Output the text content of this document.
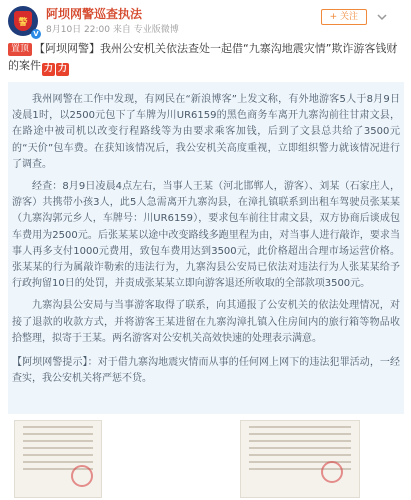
警
V
阿坝网警巡查执法
8月10日 22:00 来自 专业版微博
+ 关注

置顶 【阿坝网警】我州公安机关依法查处一起借“九寨沟地震灾情”欺诈游客钱财的案件 力 力

我州网警在工作中发现，有网民在“新浪博客”上发文称，有外地游客5人于8月9日凌晨1时，以2500元包下了车牌为川UR6159的黑色商务车离开九寨沟前往甘肃文县，在路途中被司机以改变行程路线等为由要求乘客加钱，后到了文县总共给了3500元的“天价”包车费。在获知该情况后，我公安机关高度重视，立即组织警力就该情况进行了调查。

经查：8月9日凌晨4点左右，当事人王某（河北邯郸人，游客）、刘某（石家庄人，游客）共携带小孩3人，此5人急需离开九寨沟县，在漳扎镇联系到出租车驾驶员张某某（九寨沟郭元乡人，车牌号：川UR6159），要求包车前往甘肃文县，双方协商后谈成包车费用为2500元。后张某某以途中改变路线多跑里程为由，对当事人进行敲诈，要求当事人再多支付1000元费用，致包车费用达到3500元，此价格超出合理市场运营价格。张某某的行为属敲诈勒索的违法行为，九寨沟县公安局已依法对违法行为人张某某给予行政拘留10日的处罚，并责成张某某立即向游客退还所收取的全部款项3500元。

九寨沟县公安局与当事游客取得了联系，向其通报了公安机关的依法处理情况，对接了退款的收款方式，并将游客王某进留在九寨沟漳扎镇入住房间内的旅行箱等物品收拾整理，拟寄于王某。两名游客对公安机关高效快速的处理表示满意。

【阿坝网警提示】：对于借九寨沟地震灾情而从事的任何网上网下的违法犯罪活动，一经查实，我公安机关将严惩不贷。
